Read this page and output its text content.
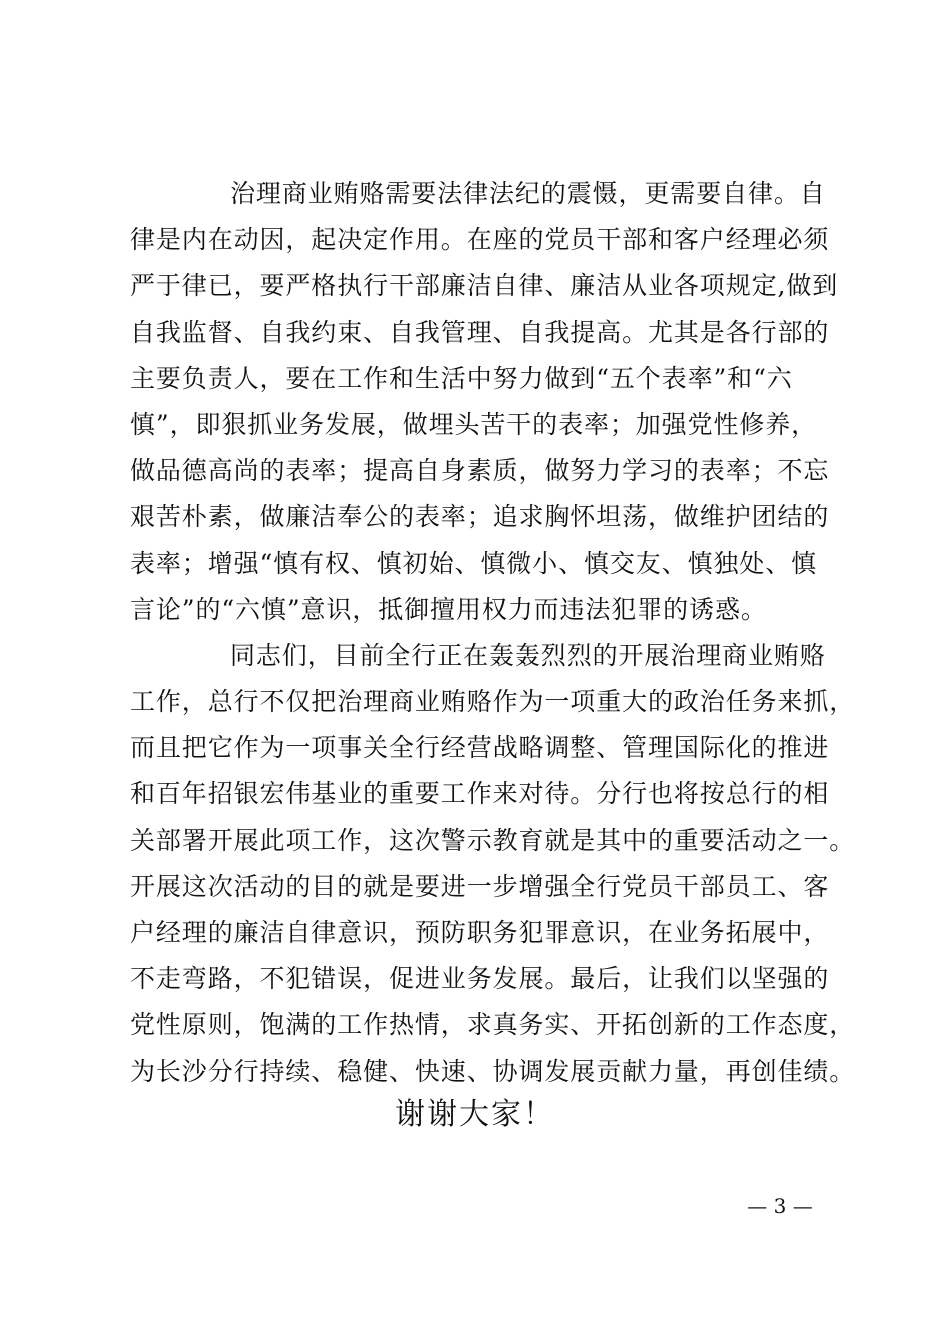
治理商业贿赂需要法律法纪的震慑，更需要自律。自
律是内在动因，起决定作用。在座的党员干部和客户经理必须
严于律已，要严格执行干部廉洁自律、廉洁从业各项规定,做到
自我监督、自我约束、自我管理、自我提高。尤其是各行部的
主要负责人，要在工作和生活中努力做到“五个表率”和“六
慎”，即狠抓业务发展，做埋头苦干的表率；加强党性修养，
做品德高尚的表率；提高自身素质，做努力学习的表率；不忘
艰苦朴素，做廉洁奉公的表率；追求胸怀坦荡，做维护团结的
表率；增强“慎有权、慎初始、慎微小、慎交友、慎独处、慎
言论”的“六慎”意识，抵御擅用权力而违法犯罪的诱惑。
同志们，目前全行正在轰轰烈烈的开展治理商业贿赂
工作，总行不仅把治理商业贿赂作为一项重大的政治任务来抓，
而且把它作为一项事关全行经营战略调整、管理国际化的推进
和百年招银宏伟基业的重要工作来对待。分行也将按总行的相
关部署开展此项工作，这次警示教育就是其中的重要活动之一。
开展这次活动的目的就是要进一步增强全行党员干部员工、客
户经理的廉洁自律意识，预防职务犯罪意识，在业务拓展中，
不走弯路，不犯错误，促进业务发展。最后，让我们以坚强的
党性原则，饱满的工作热情，求真务实、开拓创新的工作态度，
为长沙分行持续、稳健、快速、协调发展贡献力量，再创佳绩。
谢谢大家！
— 3 —
